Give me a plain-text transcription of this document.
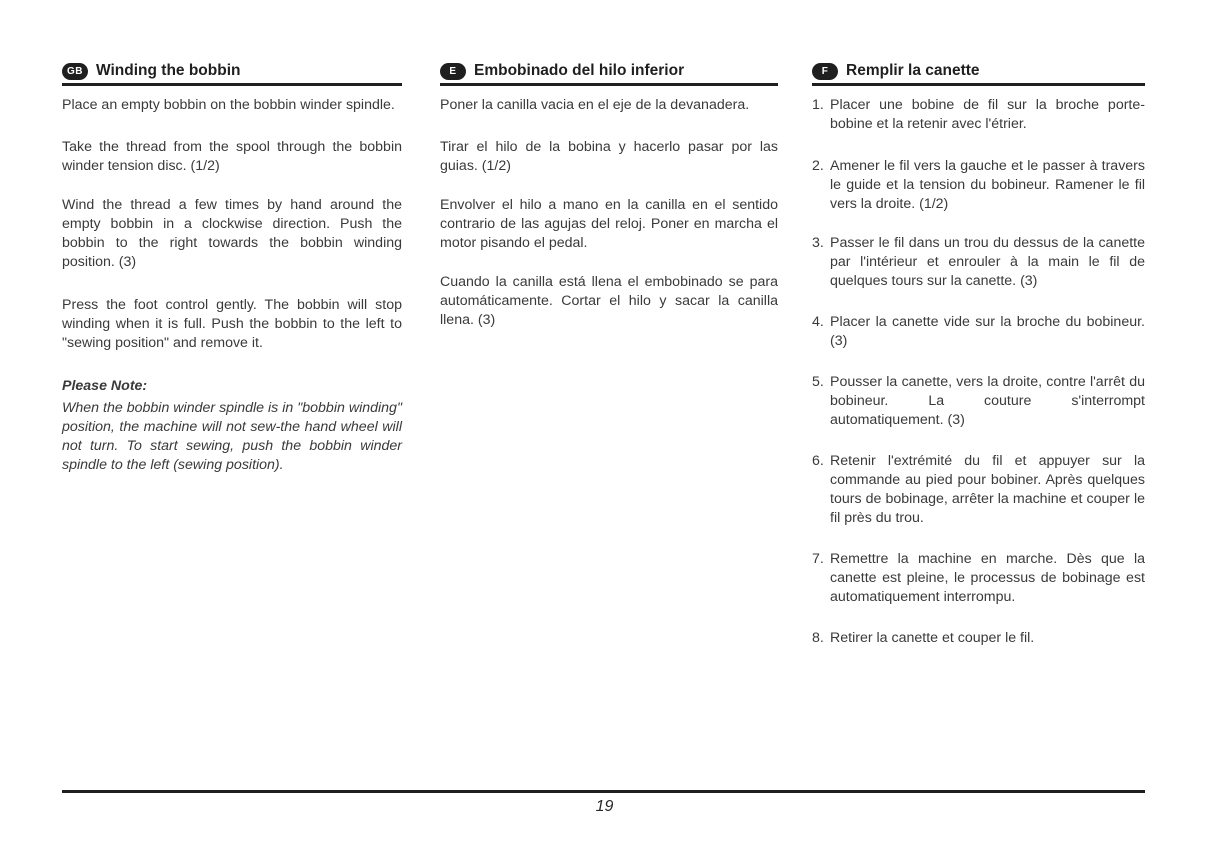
GB Winding the bobbin

Place an empty bobbin on the bobbin winder spindle.

Take the thread from the spool through the bobbin winder tension disc. (1/2)

Wind the thread a few times by hand around the empty bobbin in a clockwise direction. Push the bobbin to the right towards the bobbin winding position. (3)

Press the foot control gently. The bobbin will stop winding when it is full. Push the bobbin to the left to "sewing position" and remove it.

Please Note:

When the bobbin winder spindle is in "bobbin winding" position, the machine will not sew-the hand wheel will not turn. To start sewing, push the bobbin winder spindle to the left (sewing position).

E	Embobinado del hilo inferior

Poner la canilla vacia en el eje de la devanadera.

Tirar el hilo de la bobina y hacerlo pasar por las guias. (1/2)

Envolver el hilo a mano en la canilla en el sentido contrario de las agujas del reloj. Poner en marcha el motor pisando el pedal.

Cuando la canilla está llena el embobinado se para automáticamente. Cortar el hilo y sacar la canilla llena. (3)

F	Remplir la canette
1. Placer une bobine de fil sur la broche porte-bobine et la retenir avec l'étrier.
2. Amener le fil vers la gauche et le passer à travers le guide et la tension du bobineur. Ramener le fil vers la droite. (1/2)
3. Passer le fil dans un trou du dessus de la canette par l'intérieur et enrouler à la main le fil de quelques tours sur la canette. (3)
4. Placer la canette vide sur la broche du bobineur. (3)
5. Pousser la canette, vers la droite, contre l'arrêt du bobineur. La couture s'interrompt automatiquement. (3)
6. Retenir l'extrémité du fil et appuyer sur la commande au pied pour bobiner. Après quelques tours de bobinage, arrêter la machine et couper le fil près du trou.
7. Remettre la machine en marche. Dès que la canette est pleine, le processus de bobinage est automatiquement interrompu.
8. Retirer la canette et couper le fil.
19
